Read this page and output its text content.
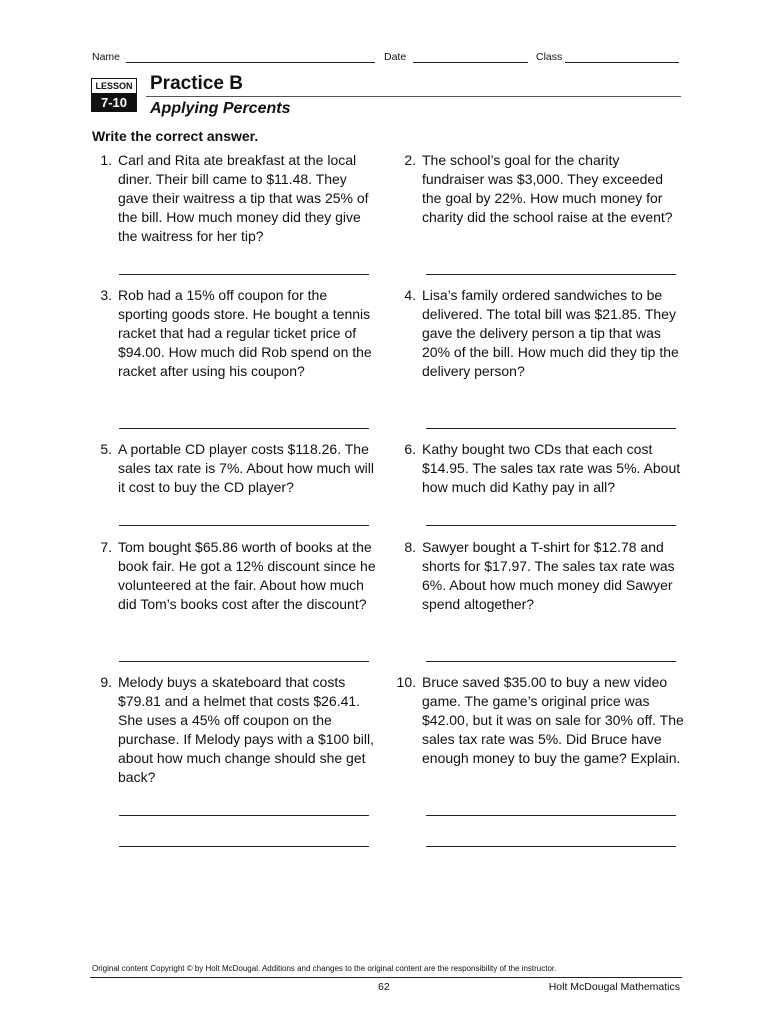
Name	Date	Class
LESSON
7-10
Practice B
Applying Percents
Write the correct answer.
1. Carl and Rita ate breakfast at the local diner. Their bill came to $11.48. They gave their waitress a tip that was 25% of the bill. How much money did they give the waitress for her tip?
2. The school’s goal for the charity fundraiser was $3,000. They exceeded the goal by 22%. How much money for charity did the school raise at the event?
3. Rob had a 15% off coupon for the sporting goods store. He bought a tennis racket that had a regular ticket price of $94.00. How much did Rob spend on the racket after using his coupon?
4. Lisa’s family ordered sandwiches to be delivered. The total bill was $21.85. They gave the delivery person a tip that was 20% of the bill. How much did they tip the delivery person?
5. A portable CD player costs $118.26. The sales tax rate is 7%. About how much will it cost to buy the CD player?
6. Kathy bought two CDs that each cost $14.95. The sales tax rate was 5%. About how much did Kathy pay in all?
7. Tom bought $65.86 worth of books at the book fair. He got a 12% discount since he volunteered at the fair. About how much did Tom’s books cost after the discount?
8. Sawyer bought a T-shirt for $12.78 and shorts for $17.97. The sales tax rate was 6%. About how much money did Sawyer spend altogether?
9. Melody buys a skateboard that costs $79.81 and a helmet that costs $26.41. She uses a 45% off coupon on the purchase. If Melody pays with a $100 bill, about how much change should she get back?
10. Bruce saved $35.00 to buy a new video game. The game’s original price was $42.00, but it was on sale for 30% off. The sales tax rate was 5%. Did Bruce have enough money to buy the game? Explain.
Original content Copyright © by Holt McDougal. Additions and changes to the original content are the responsibility of the instructor.
62	Holt McDougal Mathematics
